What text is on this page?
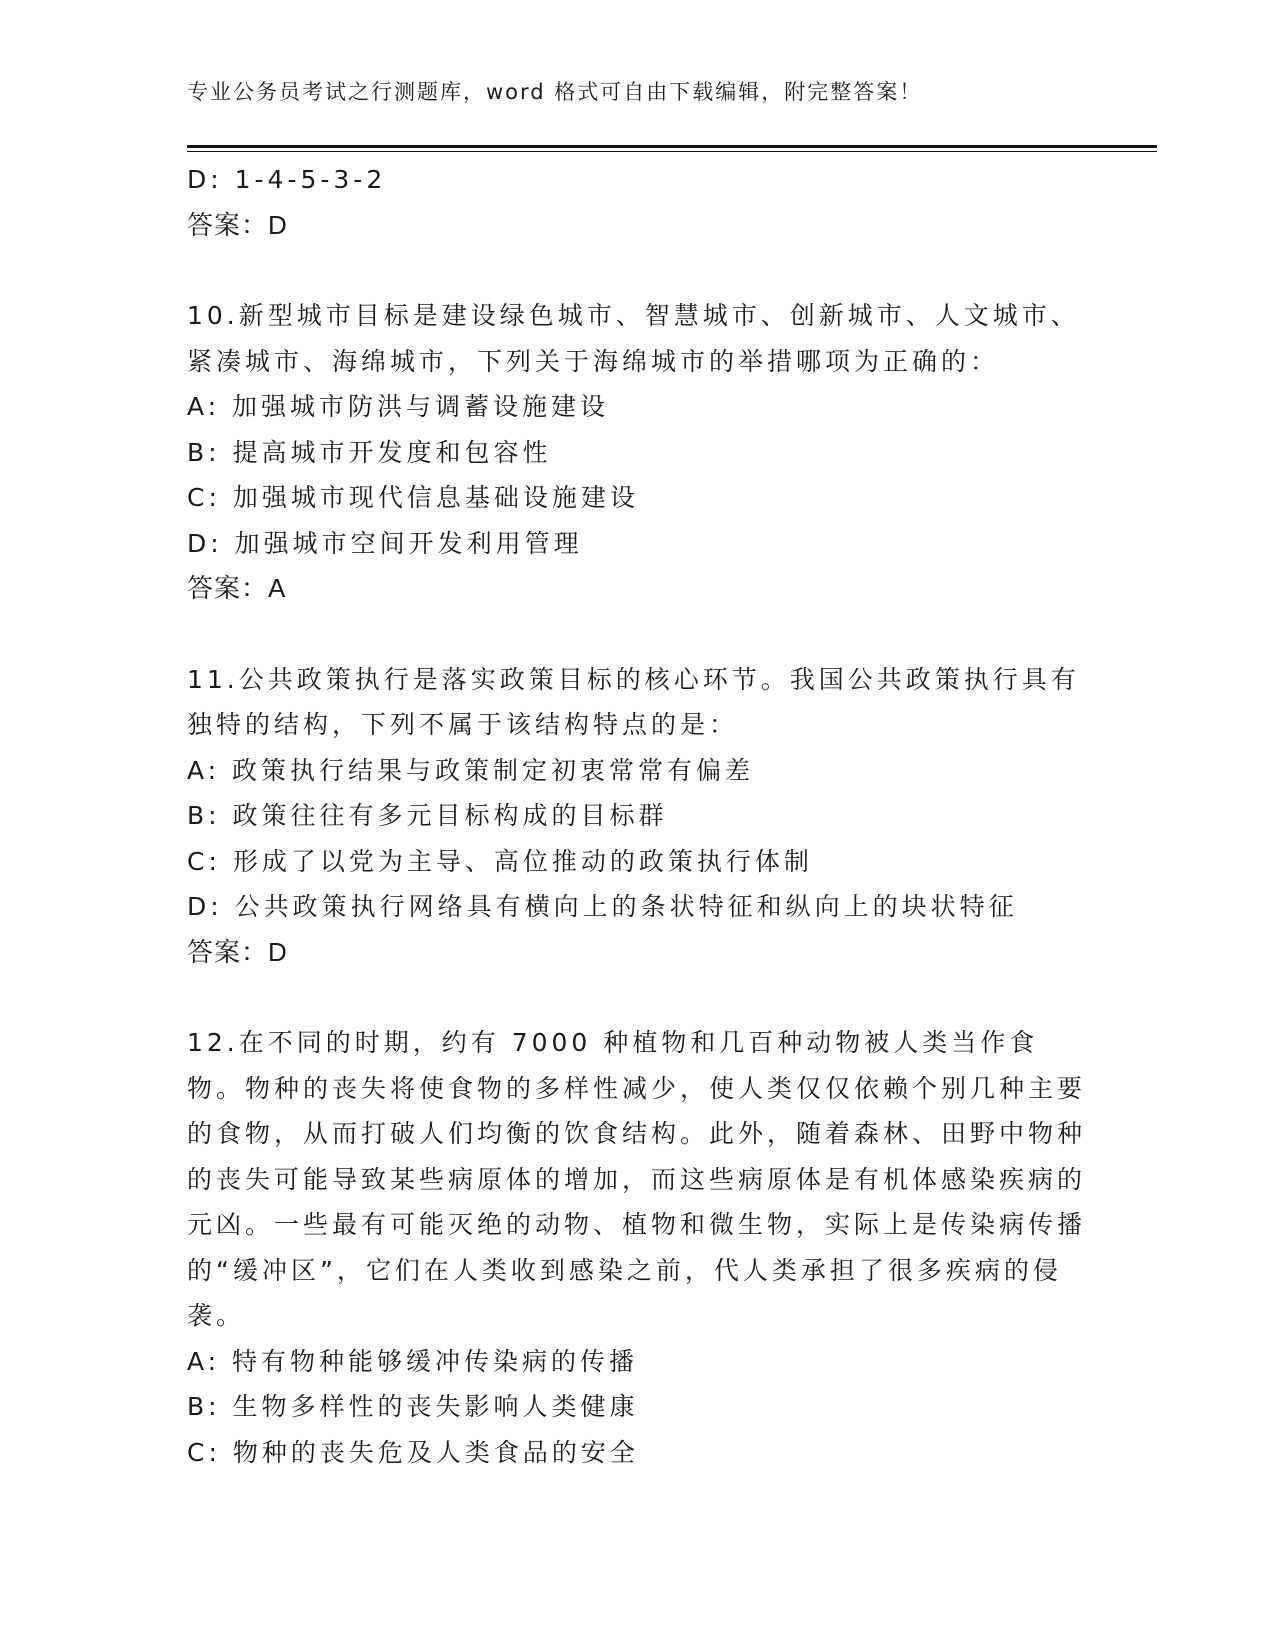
专业公务员考试之行测题库，word 格式可自由下载编辑，附完整答案！
D: 1-4-5-3-2
答案：D
10.新型城市目标是建设绿色城市、智慧城市、创新城市、人文城市、紧凑城市、海绵城市，下列关于海绵城市的举措哪项为正确的：
A: 加强城市防洪与调蓄设施建设
B: 提高城市开发度和包容性
C: 加强城市现代信息基础设施建设
D: 加强城市空间开发利用管理
答案：A
11.公共政策执行是落实政策目标的核心环节。我国公共政策执行具有独特的结构，下列不属于该结构特点的是：
A: 政策执行结果与政策制定初衷常常有偏差
B: 政策往往有多元目标构成的目标群
C: 形成了以党为主导、高位推动的政策执行体制
D: 公共政策执行网络具有横向上的条状特征和纵向上的块状特征
答案：D
12.在不同的时期，约有 7000 种植物和几百种动物被人类当作食物。物种的丧失将使食物的多样性减少，使人类仅仅依赖个别几种主要的食物，从而打破人们均衡的饮食结构。此外，随着森林、田野中物种的丧失可能导致某些病原体的增加，而这些病原体是有机体感染疾病的元凶。一些最有可能灭绝的动物、植物和微生物，实际上是传染病传播的“缓冲区”，它们在人类收到感染之前，代人类承担了很多疾病的侵袭。
A: 特有物种能够缓冲传染病的传播
B: 生物多样性的丧失影响人类健康
C: 物种的丧失危及人类食品的安全
